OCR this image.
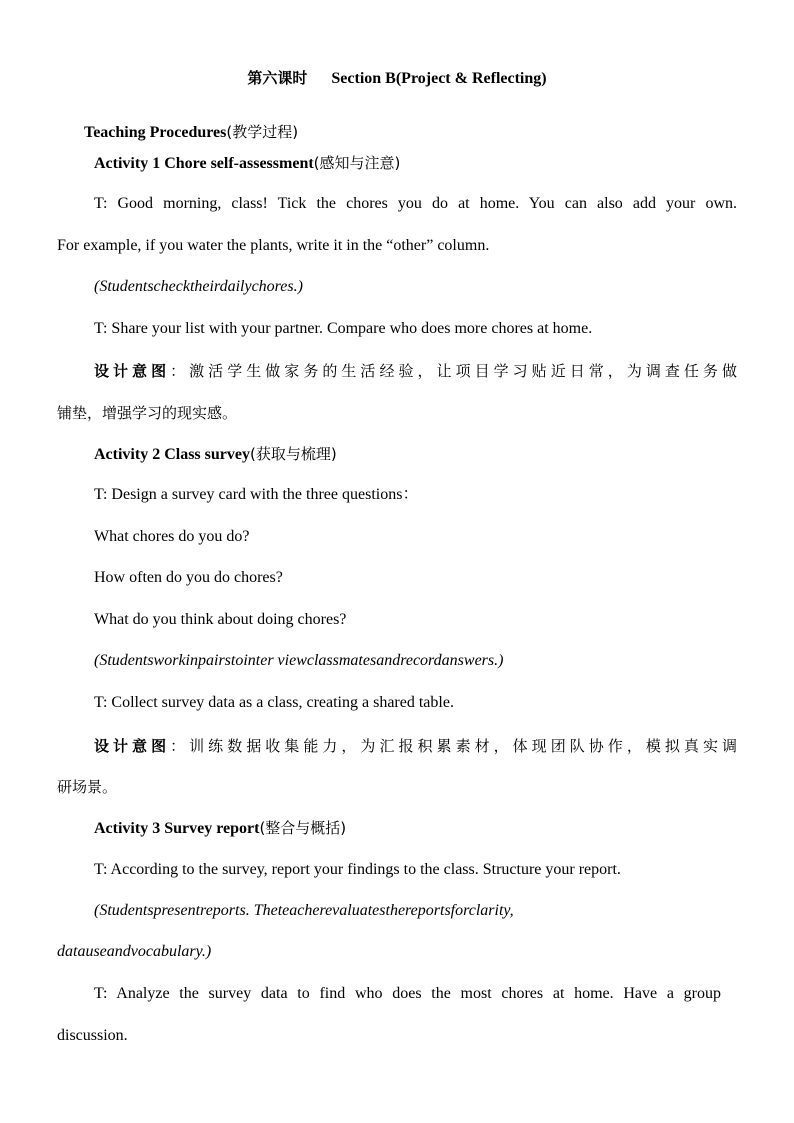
第六课时 Section B(Project & Reflecting)
Teaching Procedures(教学过程)
Activity 1 Chore self-assessment(感知与注意)
T: Good morning, class! Tick the chores you do at home. You can also add your own.
For example, if you water the plants, write it in the “other” column.
(Studentschecktheirdailychores.)
T: Share your list with your partner. Compare who does more chores at home.
设计意图：激活学生做家务的生活经验，让项目学习贴近日常，为调查任务做
铺垫，增强学习的现实感。
Activity 2 Class survey(获取与梳理)
T: Design a survey card with the three questions：
What chores do you do?
How often do you do chores?
What do you think about doing chores?
(Studentsworkinpairstointer viewclassmatesandrecordanswers.)
T: Collect survey data as a class, creating a shared table.
设计意图：训练数据收集能力，为汇报积累素材，体现团队协作，模拟真实调
研场景。
Activity 3 Survey report(整合与概括)
T: According to the survey, report your findings to the class. Structure your report.
(Studentspresentreports. Theteacherevaluatesthereportsforclarity,
datauseandvocabulary.)
T: Analyze the survey data to find who does the most chores at home. Have a group
discussion.
